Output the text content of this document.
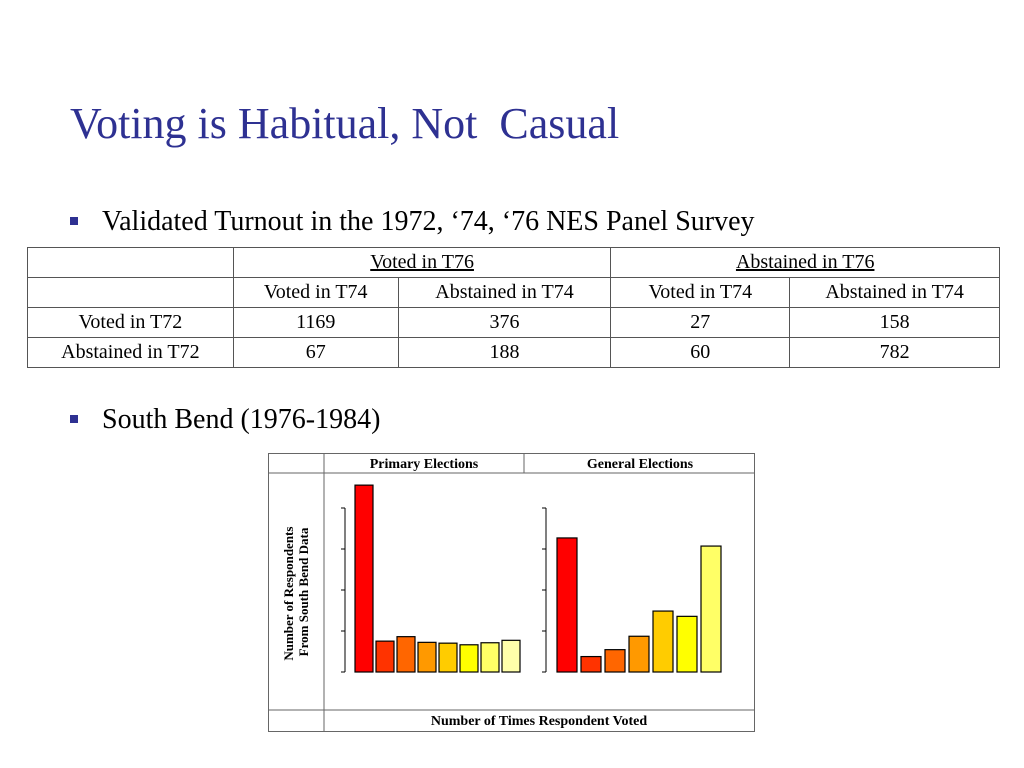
Voting is Habitual, Not  Casual
Validated Turnout in the 1972, ‘74, ‘76 NES Panel Survey
	Voted in T76		Abstained in T76	
	Voted in T74	Abstained in T74	Voted in T74	Abstained in T74
Voted in T72	1169	376	27	158
Abstained in T72	67	188	60	782
South Bend (1976-1984)
Primary Elections	General Elections
Number of Respondents From South Bend Data
Number of Times Respondent Voted
